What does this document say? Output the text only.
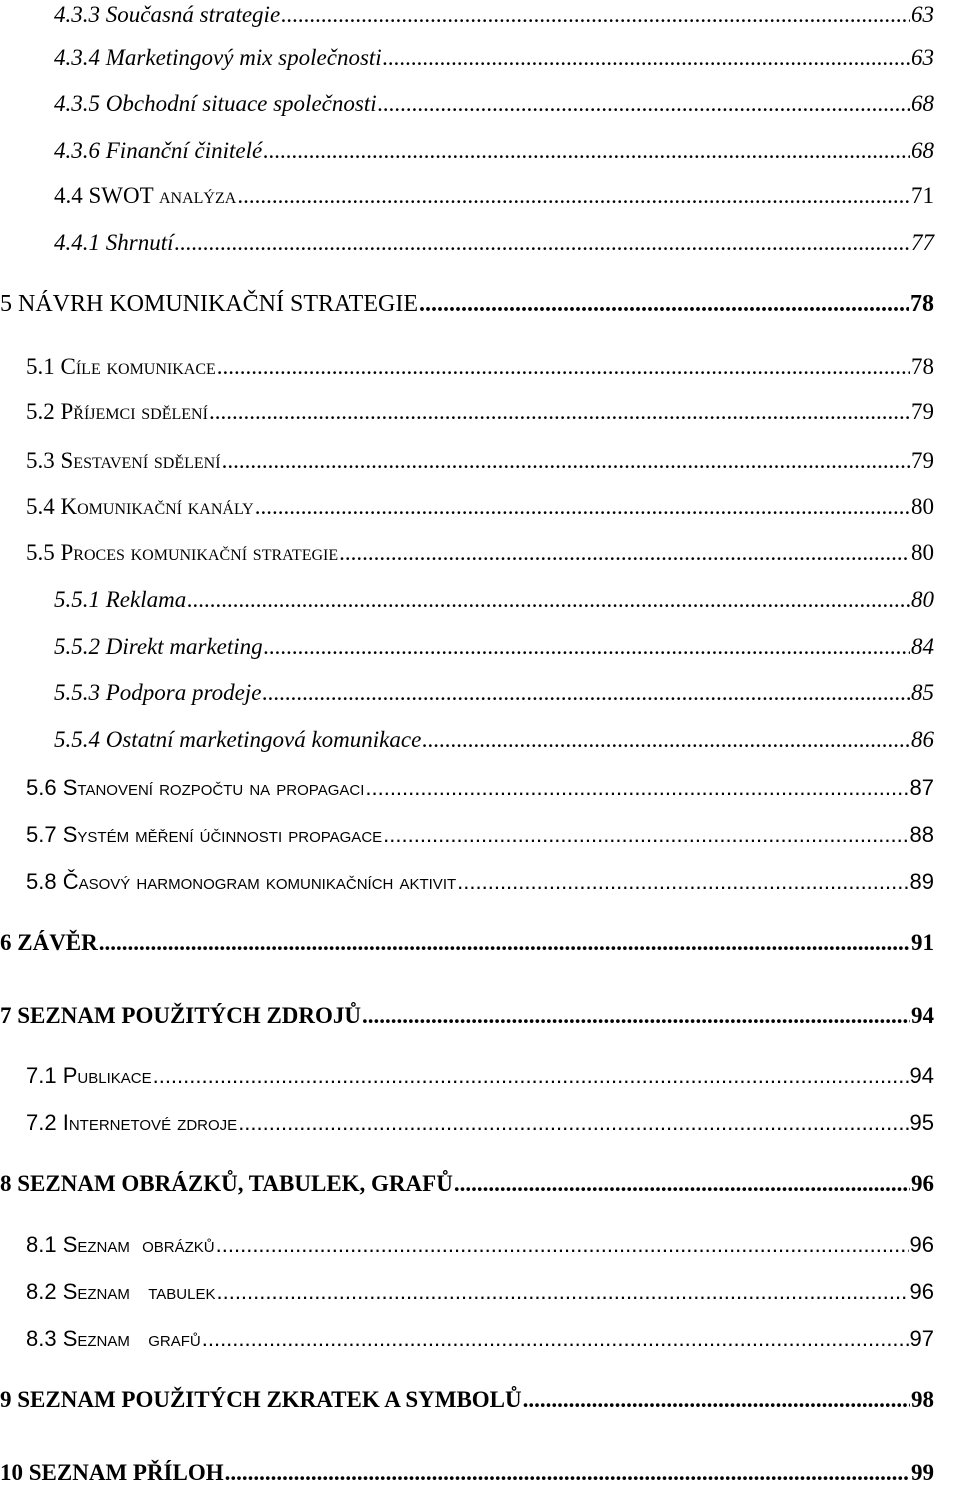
4.3.3 Současná strategie .....	63
4.3.4 Marketingový mix společnosti .....	63
4.3.5 Obchodní situace společnosti .....	68
4.3.6 Finanční činitelé .....	68
4.4 SWOT analýza .....	71
4.4.1 Shrnutí .....	77
5 NÁVRH KOMUNIKAČNÍ STRATEGIE .....	78
5.1 Cíle komunikace .....	78
5.2 Příjemci sdělení .....	79
5.3 Sestavení sdělení .....	79
5.4 Komunikační kanály .....	80
5.5 Proces komunikační strategie .....	80
5.5.1 Reklama .....	80
5.5.2 Direkt marketing .....	84
5.5.3 Podpora prodeje .....	85
5.5.4 Ostatní marketingová komunikace .....	86
5.6 Stanovení rozpočtu na propagaci .....	87
5.7 Systém měření účinnosti propagace .....	88
5.8 Časový harmonogram komunikačních aktivit .....	89
6 ZÁVĚR .....	91
7 SEZNAM POUŽITÝCH ZDROJŮ .....	94
7.1 Publikace .....	94
7.2 Internetové zdroje .....	95
8 SEZNAM OBRÁZKŮ, TABULEK, GRAFŮ .....	96
8.1 Seznam  obrázků .....	96
8.2 Seznam   tabulek .....	96
8.3 Seznam   grafů .....	97
9 SEZNAM POUŽITÝCH ZKRATEK A SYMBOLŮ .....	98
10 SEZNAM PŘÍLOH .....	99
